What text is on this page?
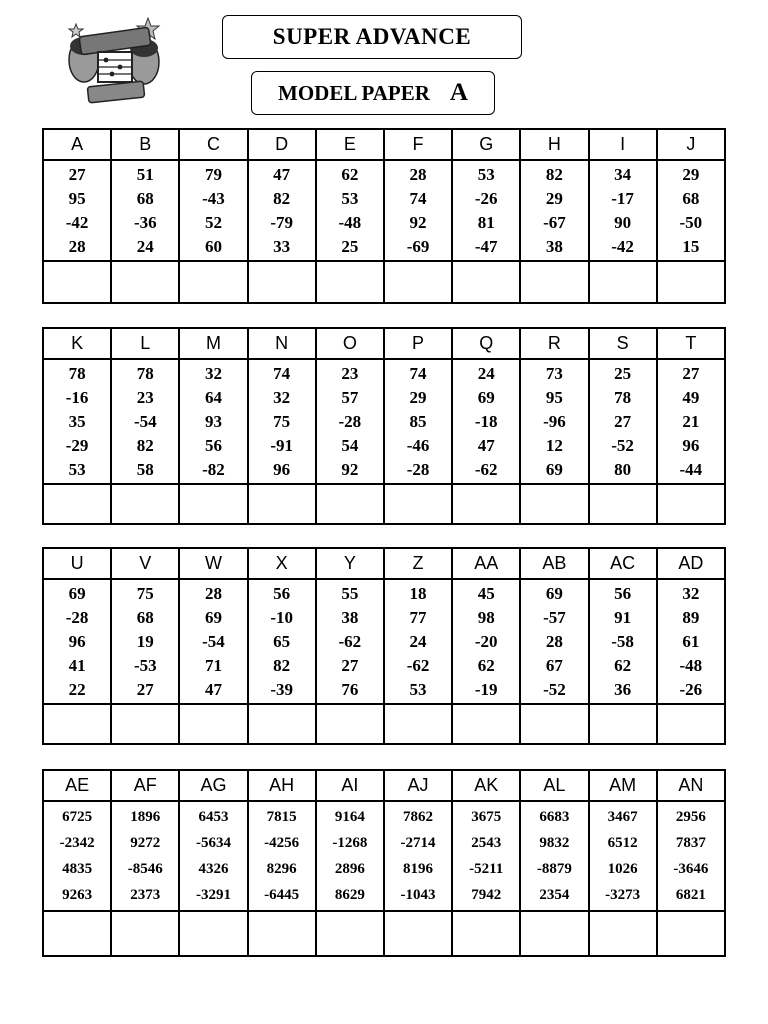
SUPER ADVANCE
MODEL PAPER A
A	B	C	D	E	F	G	H	I	J

27
95
-42
28	51
68
-36
24	79
-43
52
60	47
82
-79
33	62
53
-48
25	28
74
92
-69	53
-26
81
-47	82
29
-67
38	34
-17
90
-42	29
68
-50
15

K	L	M	N	O	P	Q	R	S	T

78
-16
35
-29
53	78
23
-54
82
58	32
64
93
56
-82	74
32
75
-91
96	23
57
-28
54
92	74
29
85
-46
-28	24
69
-18
47
-62	73
95
-96
12
69	25
78
27
-52
80	27
49
21
96
-44

U	V	W	X	Y	Z	AA	AB	AC	AD

69
-28
96
41
22	75
68
19
-53
27	28
69
-54
71
47	56
-10
65
82
-39	55
38
-62
27
76	18
77
24
-62
53	45
98
-20
62
-19	69
-57
28
67
-52	56
91
-58
62
36	32
89
61
-48
-26

AE	AF	AG	AH	AI	AJ	AK	AL	AM	AN

6725
-2342
4835
9263	1896
9272
-8546
2373	6453
-5634
4326
-3291	7815
-4256
8296
-6445	9164
-1268
2896
8629	7862
-2714
8196
-1043	3675
2543
-5211
7942	6683
9832
-8879
2354	3467
6512
1026
-3273	2956
7837
-3646
6821
